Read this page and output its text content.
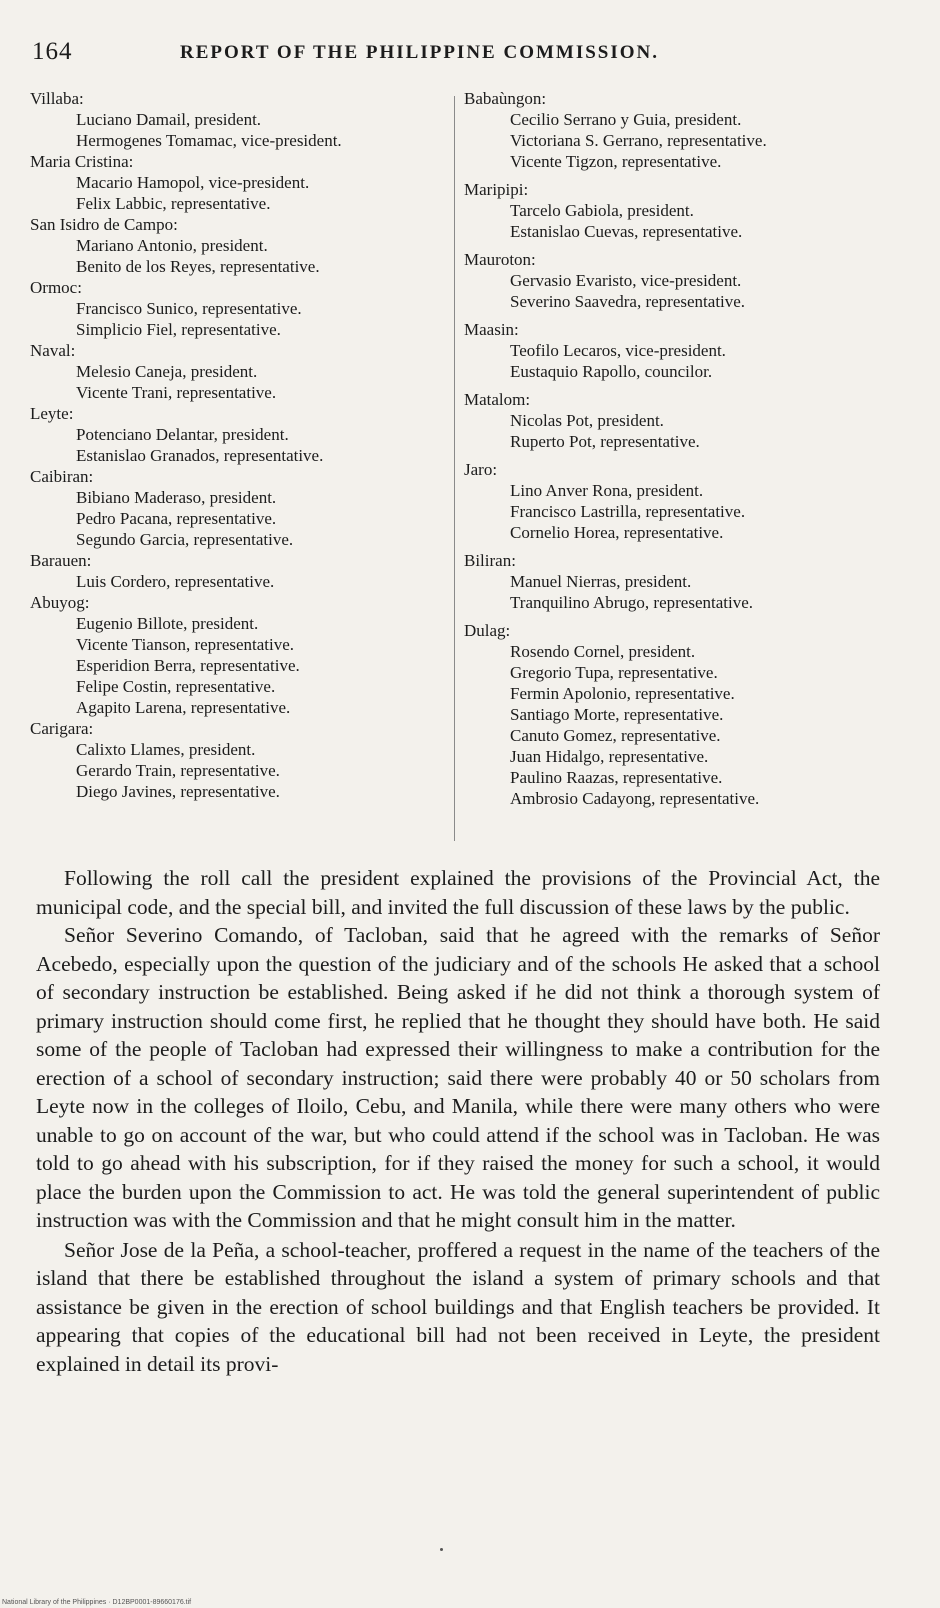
164	REPORT OF THE PHILIPPINE COMMISSION.
Villaba:
Luciano Damail, president.
Hermogenes Tomamac, vice-president.
Maria Cristina:
Macario Hamopol, vice-president.
Felix Labbic, representative.
San Isidro de Campo:
Mariano Antonio, president.
Benito de los Reyes, representative.
Ormoc:
Francisco Sunico, representative.
Simplicio Fiel, representative.
Naval:
Melesio Caneja, president.
Vicente Trani, representative.
Leyte:
Potenciano Delantar, president.
Estanislao Granados, representative.
Caibiran:
Bibiano Maderaso, president.
Pedro Pacana, representative.
Segundo Garcia, representative.
Barauen:
Luis Cordero, representative.
Abuyog:
Eugenio Billote, president.
Vicente Tianson, representative.
Esperidion Berra, representative.
Felipe Costin, representative.
Agapito Larena, representative.
Carigara:
Calixto Llames, president.
Gerardo Train, representative.
Diego Javines, representative.
Babaùngon:
Cecilio Serrano y Guia, president.
Victoriana S. Gerrano, representative.
Vicente Tigzon, representative.
Maripipi:
Tarcelo Gabiola, president.
Estanislao Cuevas, representative.
Mauroton:
Gervasio Evaristo, vice-president.
Severino Saavedra, representative.
Maasin:
Teofilo Lecaros, vice-president.
Eustaquio Rapollo, councilor.
Matalom:
Nicolas Pot, president.
Ruperto Pot, representative.
Jaro:
Lino Anver Rona, president.
Francisco Lastrilla, representative.
Cornelio Horea, representative.
Biliran:
Manuel Nierras, president.
Tranquilino Abrugo, representative.
Dulag:
Rosendo Cornel, president.
Gregorio Tupa, representative.
Fermin Apolonio, representative.
Santiago Morte, representative.
Canuto Gomez, representative.
Juan Hidalgo, representative.
Paulino Raazas, representative.
Ambrosio Cadayong, representative.

Following the roll call the president explained the provisions of the Provincial Act, the municipal code, and the special bill, and invited the full discussion of these laws by the public.

Señor Severino Comando, of Tacloban, said that he agreed with the remarks of Señor Acebedo, especially upon the question of the judiciary and of the schools He asked that a school of secondary instruction be established. Being asked if he did not think a thorough system of primary instruction should come first, he replied that he thought they should have both. He said some of the people of Tacloban had expressed their willingness to make a contribution for the erection of a school of secondary instruction; said there were probably 40 or 50 scholars from Leyte now in the colleges of Iloilo, Cebu, and Manila, while there were many others who were unable to go on account of the war, but who could attend if the school was in Tacloban. He was told to go ahead with his subscription, for if they raised the money for such a school, it would place the burden upon the Commission to act. He was told the general superintendent of public instruction was with the Commission and that he might consult him in the matter.

Señor Jose de la Peña, a school-teacher, proffered a request in the name of the teachers of the island that there be established throughout the island a system of primary schools and that assistance be given in the erection of school buildings and that English teachers be provided. It appearing that copies of the educational bill had not been received in Leyte, the president explained in detail its provi-

National Library of the Philippines · D12BP0001-89660176.tif
